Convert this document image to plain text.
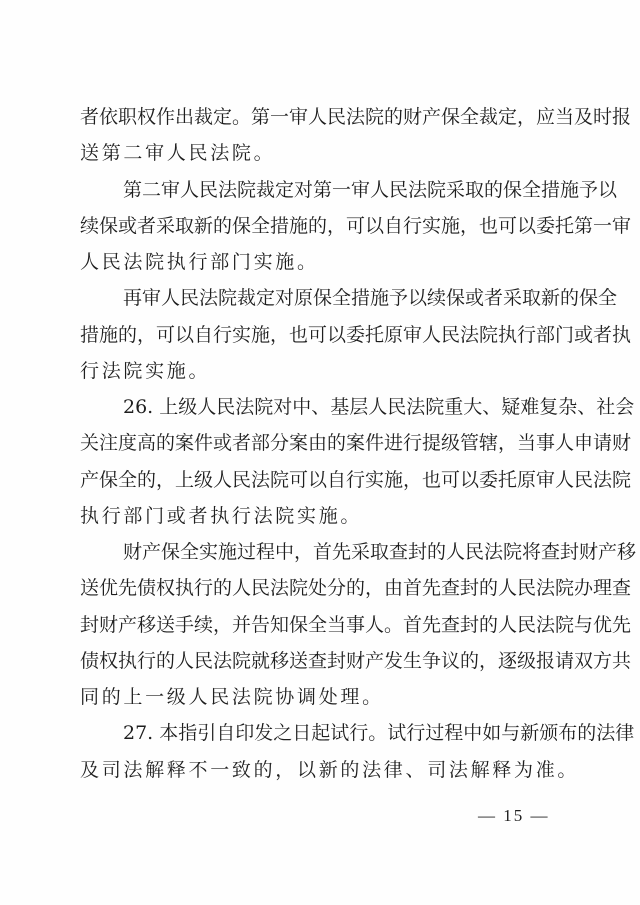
者依职权作出裁定。第一审人民法院的财产保全裁定，应当及时报
送第二审人民法院。
第二审人民法院裁定对第一审人民法院采取的保全措施予以
续保或者采取新的保全措施的，可以自行实施，也可以委托第一审
人民法院执行部门实施。
再审人民法院裁定对原保全措施予以续保或者采取新的保全
措施的，可以自行实施，也可以委托原审人民法院执行部门或者执
行法院实施。
26. 上级人民法院对中、基层人民法院重大、疑难复杂、社会
关注度高的案件或者部分案由的案件进行提级管辖，当事人申请财
产保全的，上级人民法院可以自行实施，也可以委托原审人民法院
执行部门或者执行法院实施。
财产保全实施过程中，首先采取查封的人民法院将查封财产移
送优先债权执行的人民法院处分的，由首先查封的人民法院办理查
封财产移送手续，并告知保全当事人。首先查封的人民法院与优先
债权执行的人民法院就移送查封财产发生争议的，逐级报请双方共
同的上一级人民法院协调处理。
27. 本指引自印发之日起试行。试行过程中如与新颁布的法律
及司法解释不一致的，以新的法律、司法解释为准。
— 15 —
